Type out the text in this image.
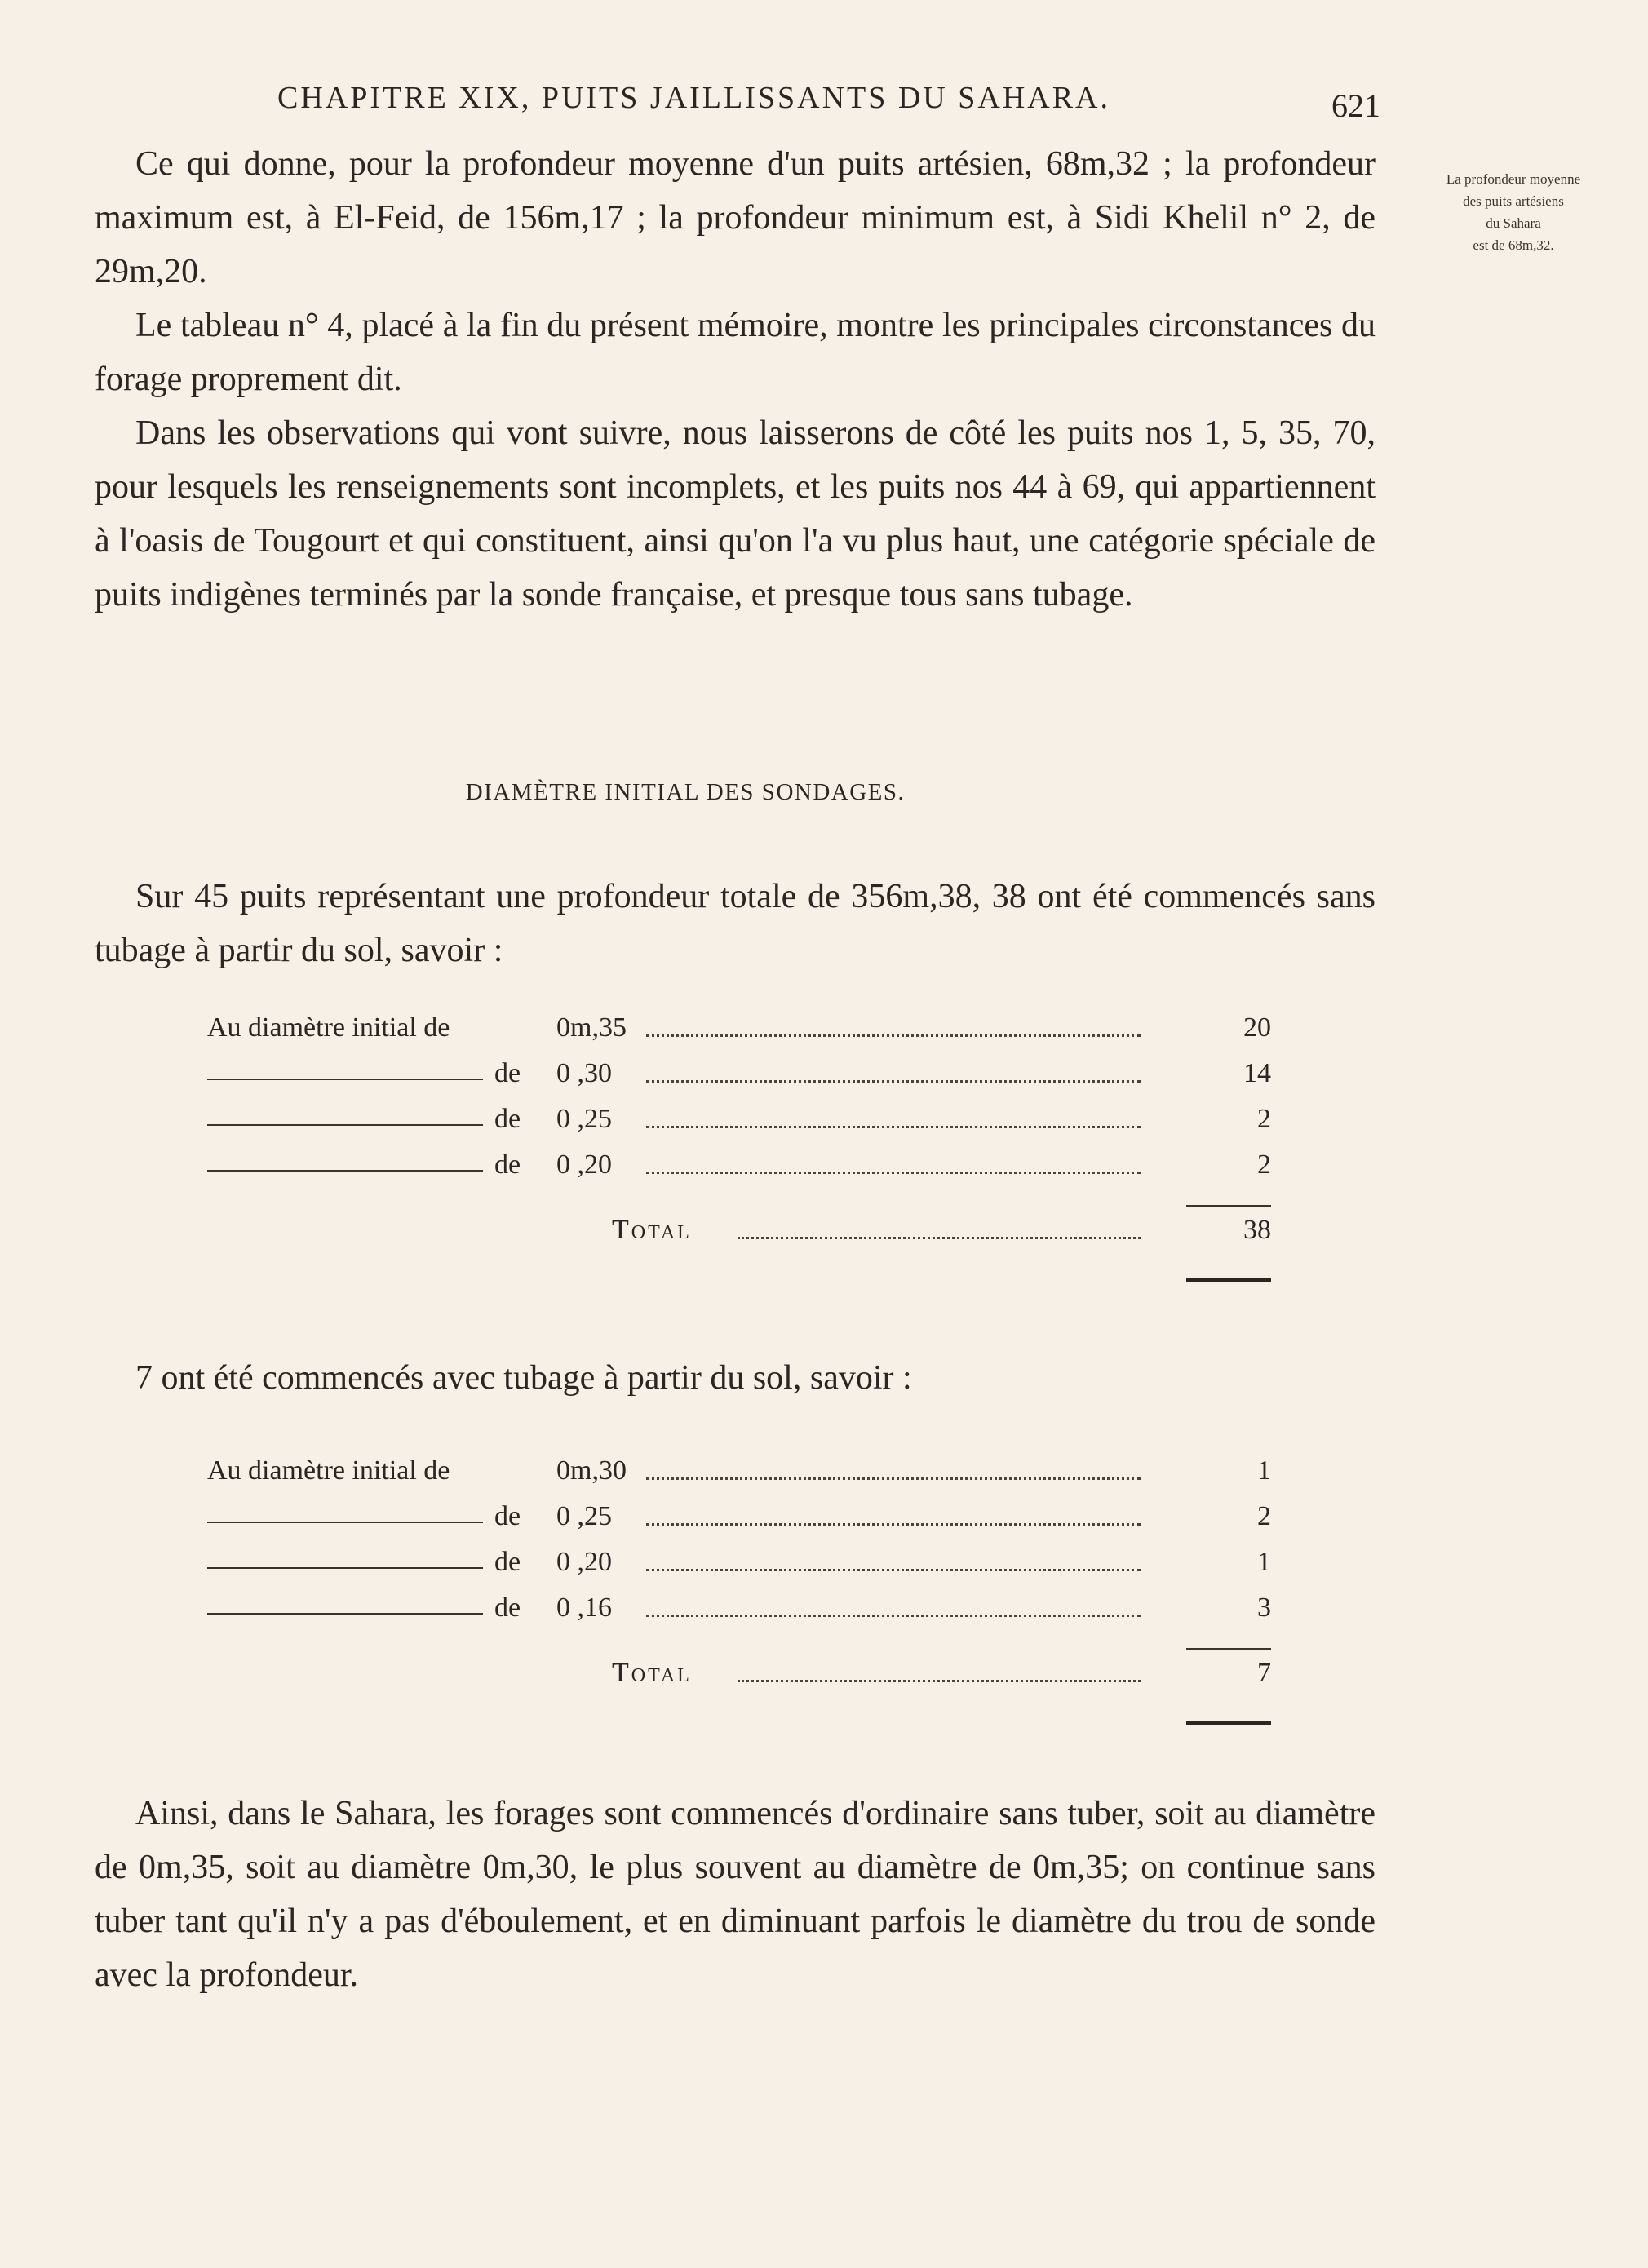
CHAPITRE XIX, PUITS JAILLISSANTS DU SAHARA.	621
La profondeur moyenne
des puits artésiens
du Sahara
est de 68m,32.

Ce qui donne, pour la profondeur moyenne d'un puits artésien, 68m,32 ; la profondeur maximum est, à El-Feid, de 156m,17 ; la profondeur minimum est, à Sidi Khelil n° 2, de 29m,20.

Le tableau n° 4, placé à la fin du présent mémoire, montre les principales circonstances du forage proprement dit.

Dans les observations qui vont suivre, nous laisserons de côté les puits nos 1, 5, 35, 70, pour lesquels les renseignements sont incomplets, et les puits nos 44 à 69, qui appartiennent à l'oasis de Tougourt et qui constituent, ainsi qu'on l'a vu plus haut, une catégorie spéciale de puits indigènes terminés par la sonde française, et presque tous sans tubage.

DIAMÈTRE INITIAL DES SONDAGES.

Sur 45 puits représentant une profondeur totale de 356m,38, 38 ont été commencés sans tubage à partir du sol, savoir :

Au diamètre initial de	0m,35	20
de 0 ,30	14
de 0 ,25	2
de 0 ,20	2
Total	38

7 ont été commencés avec tubage à partir du sol, savoir :

Au diamètre initial de	0m,30	1
de 0 ,25	2
de 0 ,20	1
de 0 ,16	3
Total	7

Ainsi, dans le Sahara, les forages sont commencés d'ordinaire sans tuber, soit au diamètre de 0m,35, soit au diamètre 0m,30, le plus souvent au diamètre de 0m,35; on continue sans tuber tant qu'il n'y a pas d'éboulement, et en diminuant parfois le diamètre du trou de sonde avec la profondeur.
